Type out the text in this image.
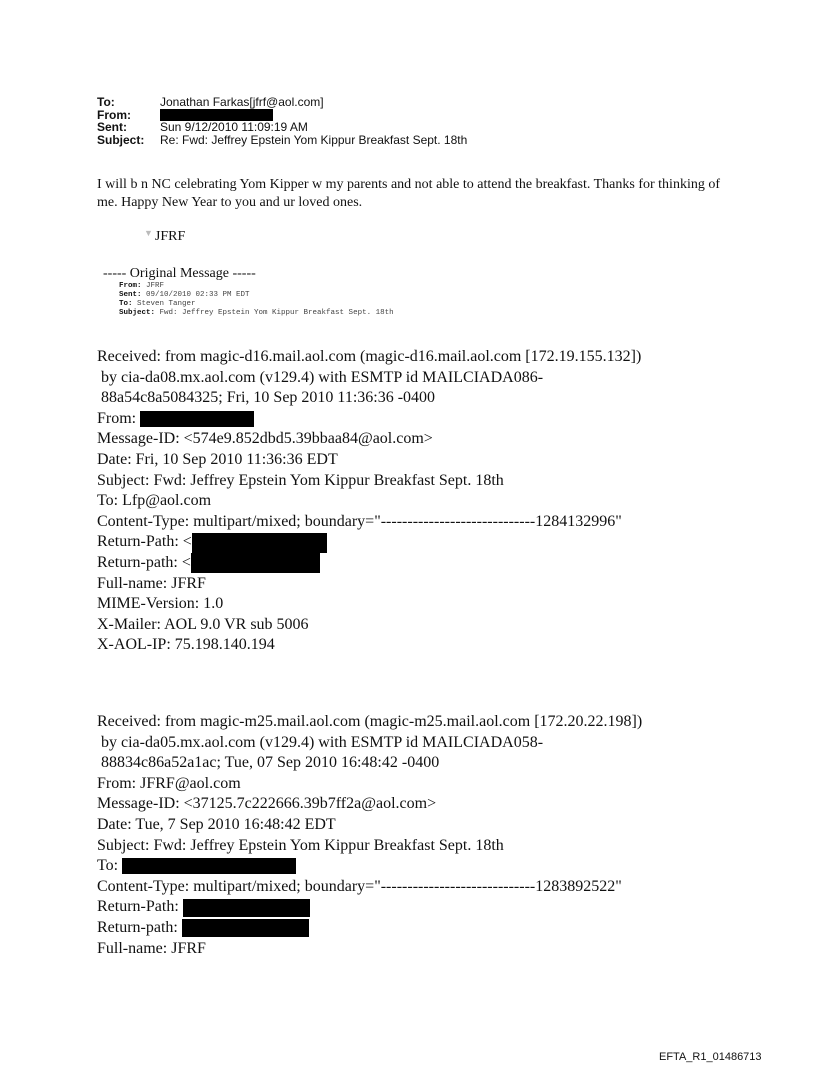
To:	Jonathan Farkas[jfrf@aol.com]
From:
Sent:	Sun 9/12/2010 11:09:19 AM
Subject:	Re: Fwd: Jeffrey Epstein Yom Kippur Breakfast Sept. 18th
I will b n NC celebrating Yom Kipper w my parents and not able to attend the breakfast. Thanks for thinking of me. Happy New Year to you and ur loved ones.
▼ JFRF
----- Original Message -----
From: JFRF
Sent: 09/10/2010 02:33 PM EDT
To: Steven Tanger
Subject: Fwd: Jeffrey Epstein Yom Kippur Breakfast Sept. 18th
Received: from magic-d16.mail.aol.com (magic-d16.mail.aol.com [172.19.155.132])
by cia-da08.mx.aol.com (v129.4) with ESMTP id MAILCIADA086-
88a54c8a5084325; Fri, 10 Sep 2010 11:36:36 -0400
From:
Message-ID: <574e9.852dbd5.39bbaa84@aol.com>
Date: Fri, 10 Sep 2010 11:36:36 EDT
Subject: Fwd: Jeffrey Epstein Yom Kippur Breakfast Sept. 18th
To: Lfp@aol.com
Content-Type: multipart/mixed; boundary="-----------------------------1284132996"
Return-Path: <
Return-path: <
Full-name: JFRF
MIME-Version: 1.0
X-Mailer: AOL 9.0 VR sub 5006
X-AOL-IP: 75.198.140.194
Received: from magic-m25.mail.aol.com (magic-m25.mail.aol.com [172.20.22.198])
by cia-da05.mx.aol.com (v129.4) with ESMTP id MAILCIADA058-
88834c86a52a1ac; Tue, 07 Sep 2010 16:48:42 -0400
From: JFRF@aol.com
Message-ID: <37125.7c222666.39b7ff2a@aol.com>
Date: Tue, 7 Sep 2010 16:48:42 EDT
Subject: Fwd: Jeffrey Epstein Yom Kippur Breakfast Sept. 18th
To:
Content-Type: multipart/mixed; boundary="-----------------------------1283892522"
Return-Path:
Return-path:
Full-name: JFRF
EFTA_R1_01486713
